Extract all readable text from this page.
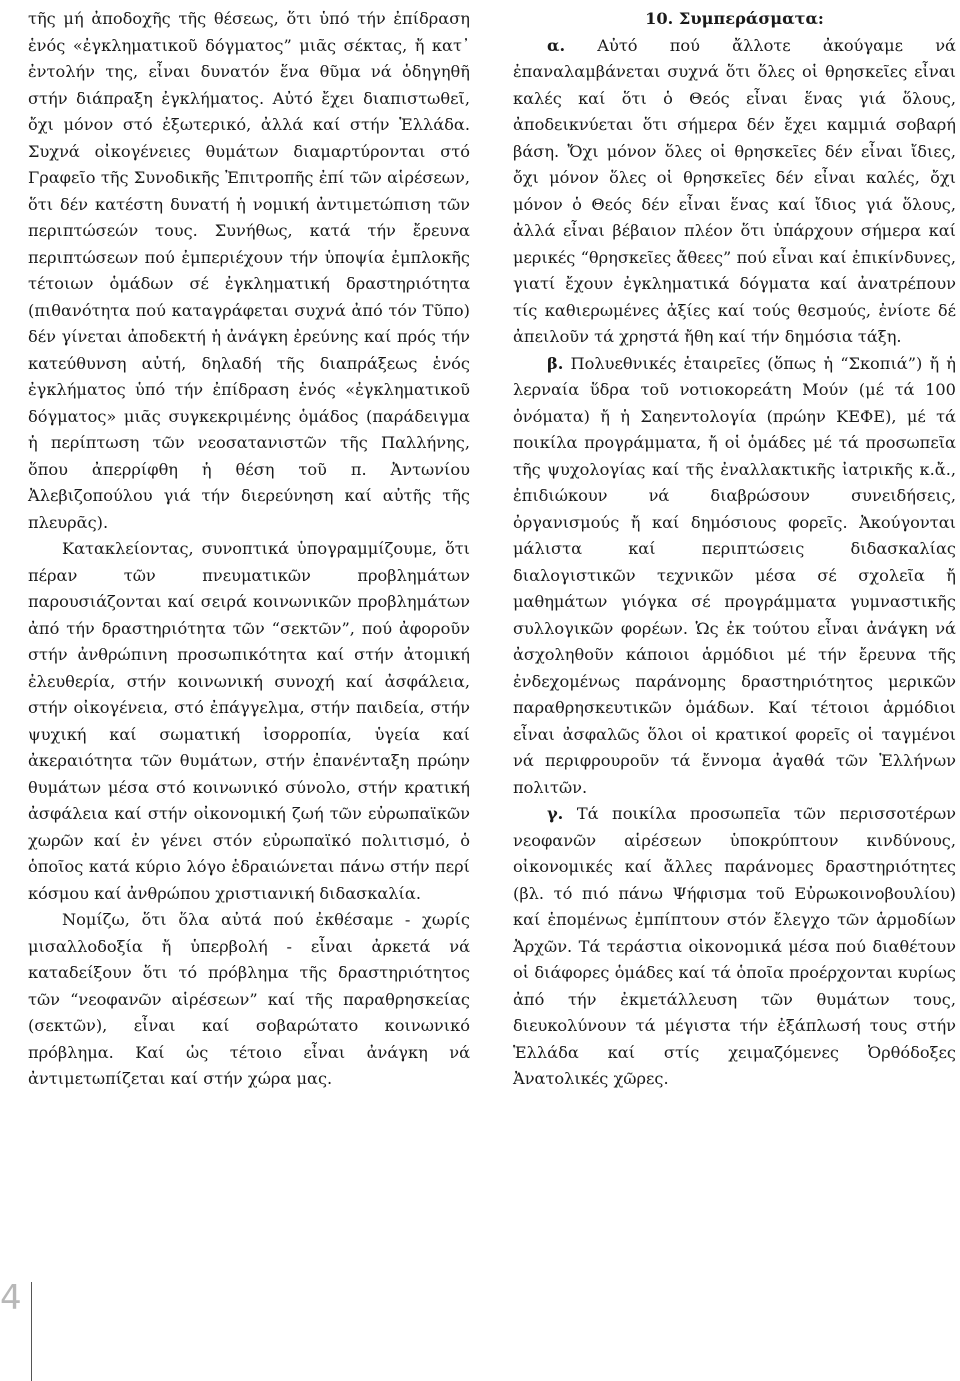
τῆς μή ἀποδοχῆς τῆς θέσεως, ὅτι ὑπό τήν ἐπίδραση ἑνός «ἐγκληματικοῦ δόγματος” μιᾶς σέκτας, ἤ κατ᾽ ἐντολήν της, εἶναι δυνατόν ἕνα θῦμα νά ὁδηγηθῆ στήν διάπραξη ἐγκλήματος. Αὐτό ἔχει διαπιστωθεῖ, ὄχι μόνον στό ἐξωτερικό, ἀλλά καί στήν Ἑλλάδα. Συχνά οἰκογένειες θυμάτων διαμαρτύρονται στό Γραφεῖο τῆς Συνοδικῆς Ἐπιτροπῆς ἐπί τῶν αἱρέσεων, ὅτι δέν κατέστη δυνατή ἡ νομική ἀντιμετώπιση τῶν περιπτώσεών τους. Συνήθως, κατά τήν ἔρευνα περιπτώσεων πού ἐμπεριέχουν τήν ὑποψία ἐμπλοκῆς τέτοιων ὁμάδων σέ ἐγκληματική δραστηριότητα (πιθανότητα πού καταγράφεται συχνά ἀπό τόν Τῦπο) δέν γίνεται ἀποδεκτή ἡ ἀνάγκη ἐρεύνης καί πρός τήν κατεύθυνση αὐτή, δηλαδή τῆς διαπράξεως ἑνός ἐγκλήματος ὑπό τήν ἐπίδραση ἑνός «ἐγκληματικοῦ δόγματος» μιᾶς συγκεκριμένης ὁμάδος (παράδειγμα ἡ περίπτωση τῶν νεοσατανιστῶν τῆς Παλλήνης, ὅπου ἀπερρίφθη ἡ θέση τοῦ π. Ἀντωνίου Ἀλεβιζοπούλου γιά τήν διερεύνηση καί αὐτῆς τῆς πλευρᾶς).

Κατακλείοντας, συνοπτικά ὑπογραμμίζουμε, ὅτι πέραν τῶν πνευματικῶν προβλημάτων παρουσιάζονται καί σειρά κοινωνικῶν προβλημάτων ἀπό τήν δραστηριότητα τῶν “σεκτῶν”, πού ἀφοροῦν στήν ἀνθρώπινη προσωπικότητα καί στήν ἀτομική ἐλευθερία, στήν κοινωνική συνοχή καί ἀσφάλεια, στήν οἰκογένεια, στό ἐπάγγελμα, στήν παιδεία, στήν ψυχική καί σωματική ἰσορροπία, ὑγεία καί ἀκεραιότητα τῶν θυμάτων, στήν ἐπανένταξη πρώην θυμάτων μέσα στό κοινωνικό σύνολο, στήν κρατική ἀσφάλεια καί στήν οἰκονομική ζωή τῶν εὐρωπαϊκῶν χωρῶν καί ἐν γένει στόν εὐρωπαϊκό πολιτισμό, ὁ ὁποῖος κατά κύριο λόγο ἑδραιώνεται πάνω στήν περί κόσμου καί ἀνθρώπου χριστιανική διδασκαλία.

Νομίζω, ὅτι ὅλα αὐτά πού ἐκθέσαμε - χωρίς μισαλλοδοξία ἤ ὑπερβολή - εἶναι ἀρκετά νά καταδείξουν ὅτι τό πρόβλημα τῆς δραστηριότητος τῶν “νεοφανῶν αἱρέσεων” καί τῆς παραθρησκείας (σεκτῶν), εἶναι καί σοβαρώτατο κοινωνικό πρόβλημα. Καί ὡς τέτοιο εἶναι ἀνάγκη νά ἀντιμετωπίζεται καί στήν χώρα μας.

10. Συμπεράσματα:

α. Αὐτό πού ἄλλοτε ἀκούγαμε νά ἐπαναλαμβάνεται συχνά ὅτι ὅλες οἱ θρησκεῖες εἶναι καλές καί ὅτι ὁ Θεός εἶναι ἕνας γιά ὅλους, ἀποδεικνύεται ὅτι σήμερα δέν ἔχει καμμιά σοβαρή βάση. Ὄχι μόνον ὅλες οἱ θρησκεῖες δέν εἶναι ἴδιες, ὄχι μόνον ὅλες οἱ θρησκεῖες δέν εἶναι καλές, ὄχι μόνον ὁ Θεός δέν εἶναι ἕνας καί ἴδιος γιά ὅλους, ἀλλά εἶναι βέβαιον πλέον ὅτι ὑπάρχουν σήμερα καί μερικές “θρησκεῖες ἄθεες” πού εἶναι καί ἐπικίνδυνες, γιατί ἔχουν ἐγκληματικά δόγματα καί ἀνατρέπουν τίς καθιερωμένες ἀξίες καί τούς θεσμούς, ἐνίοτε δέ ἀπειλοῦν τά χρηστά ἤθη καί τήν δημόσια τάξη.

β. Πολυεθνικές ἑταιρεῖες (ὅπως ἡ “Σκοπιά”) ἤ ἡ λερναία ὕδρα τοῦ νοτιοκορεάτη Μούν (μέ τά 100 ὀνόματα) ἤ ἡ Σαηεντολογία (πρώην ΚΕΦΕ), μέ τά ποικίλα προγράμματα, ἤ οἱ ὁμάδες μέ τά προσωπεῖα τῆς ψυχολογίας καί τῆς ἐναλλακτικῆς ἰατρικῆς κ.ἄ., ἐπιδιώκουν νά διαβρώσουν συνειδήσεις, ὀργανισμούς ἤ καί δημόσιους φορεῖς. Ἀκούγονται μάλιστα καί περιπτώσεις διδασκαλίας διαλογιστικῶν τεχνικῶν μέσα σέ σχολεῖα ἤ μαθημάτων γιόγκα σέ προγράμματα γυμναστικῆς συλλογικῶν φορέων. Ὡς ἐκ τούτου εἶναι ἀνάγκη νά ἀσχοληθοῦν κάποιοι ἁρμόδιοι μέ τήν ἔρευνα τῆς ἐνδεχομένως παράνομης δραστηριότητος μερικῶν παραθρησκευτικῶν ὁμάδων. Καί τέτοιοι ἁρμόδιοι εἶναι ἀσφαλῶς ὅλοι οἱ κρατικοί φορεῖς οἱ ταγμένοι νά περιφρουροῦν τά ἔννομα ἀγαθά τῶν Ἑλλήνων πολιτῶν.

γ. Τά ποικίλα προσωπεῖα τῶν περισσοτέρων νεοφανῶν αἱρέσεων ὑποκρύπτουν κινδύνους, οἰκονομικές καί ἄλλες παράνομες δραστηριότητες (βλ. τό πιό πάνω Ψήφισμα τοῦ Εὐρωκοινοβουλίου) καί ἑπομένως ἐμπίπτουν στόν ἔλεγχο τῶν ἁρμοδίων Ἀρχῶν. Τά τεράστια οἰκονομικά μέσα πού διαθέτουν οἱ διάφορες ὁμάδες καί τά ὁποῖα προέρχονται κυρίως ἀπό τήν ἐκμετάλλευση τῶν θυμάτων τους, διευκολύνουν τά μέγιστα τήν ἐξάπλωσή τους στήν Ἑλλάδα καί στίς χειμαζόμενες Ὀρθόδοξες Ἀνατολικές χῶρες.

4
